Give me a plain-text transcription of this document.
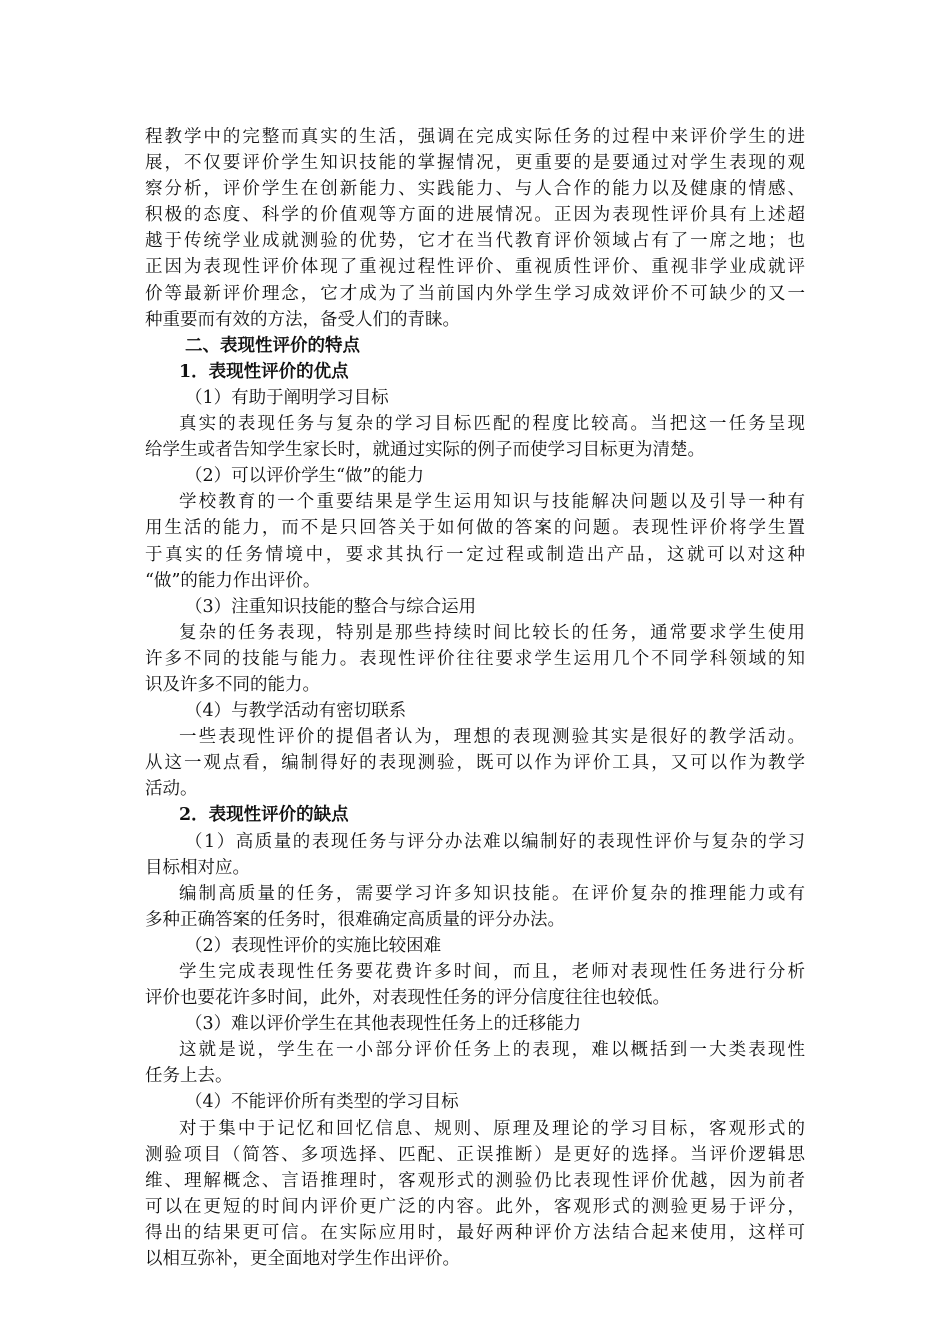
程教学中的完整而真实的生活，强调在完成实际任务的过程中来评价学生的进
展，不仅要评价学生知识技能的掌握情况，更重要的是要通过对学生表现的观
察分析，评价学生在创新能力、实践能力、与人合作的能力以及健康的情感、
积极的态度、科学的价值观等方面的进展情况。正因为表现性评价具有上述超
越于传统学业成就测验的优势，它才在当代教育评价领域占有了一席之地；也
正因为表现性评价体现了重视过程性评价、重视质性评价、重视非学业成就评
价等最新评价理念，它才成为了当前国内外学生学习成效评价不可缺少的又一
种重要而有效的方法，备受人们的青睐。
二、表现性评价的特点
1．表现性评价的优点
（1）有助于阐明学习目标
真实的表现任务与复杂的学习目标匹配的程度比较高。当把这一任务呈现
给学生或者告知学生家长时，就通过实际的例子而使学习目标更为清楚。
（2）可以评价学生“做”的能力
学校教育的一个重要结果是学生运用知识与技能解决问题以及引导一种有
用生活的能力，而不是只回答关于如何做的答案的问题。表现性评价将学生置
于真实的任务情境中，要求其执行一定过程或制造出产品，这就可以对这种
“做”的能力作出评价。
（3）注重知识技能的整合与综合运用
复杂的任务表现，特别是那些持续时间比较长的任务，通常要求学生使用
许多不同的技能与能力。表现性评价往往要求学生运用几个不同学科领域的知
识及许多不同的能力。
（4）与教学活动有密切联系
一些表现性评价的提倡者认为，理想的表现测验其实是很好的教学活动。
从这一观点看，编制得好的表现测验，既可以作为评价工具，又可以作为教学
活动。
2．表现性评价的缺点
（1）高质量的表现任务与评分办法难以编制好的表现性评价与复杂的学习
目标相对应。
编制高质量的任务，需要学习许多知识技能。在评价复杂的推理能力或有
多种正确答案的任务时，很难确定高质量的评分办法。
（2）表现性评价的实施比较困难
学生完成表现性任务要花费许多时间，而且，老师对表现性任务进行分析
评价也要花许多时间，此外，对表现性任务的评分信度往往也较低。
（3）难以评价学生在其他表现性任务上的迁移能力
这就是说，学生在一小部分评价任务上的表现，难以概括到一大类表现性
任务上去。
（4）不能评价所有类型的学习目标
对于集中于记忆和回忆信息、规则、原理及理论的学习目标，客观形式的
测验项目（简答、多项选择、匹配、正误推断）是更好的选择。当评价逻辑思
维、理解概念、言语推理时，客观形式的测验仍比表现性评价优越，因为前者
可以在更短的时间内评价更广泛的内容。此外，客观形式的测验更易于评分，
得出的结果更可信。在实际应用时，最好两种评价方法结合起来使用，这样可
以相互弥补，更全面地对学生作出评价。
